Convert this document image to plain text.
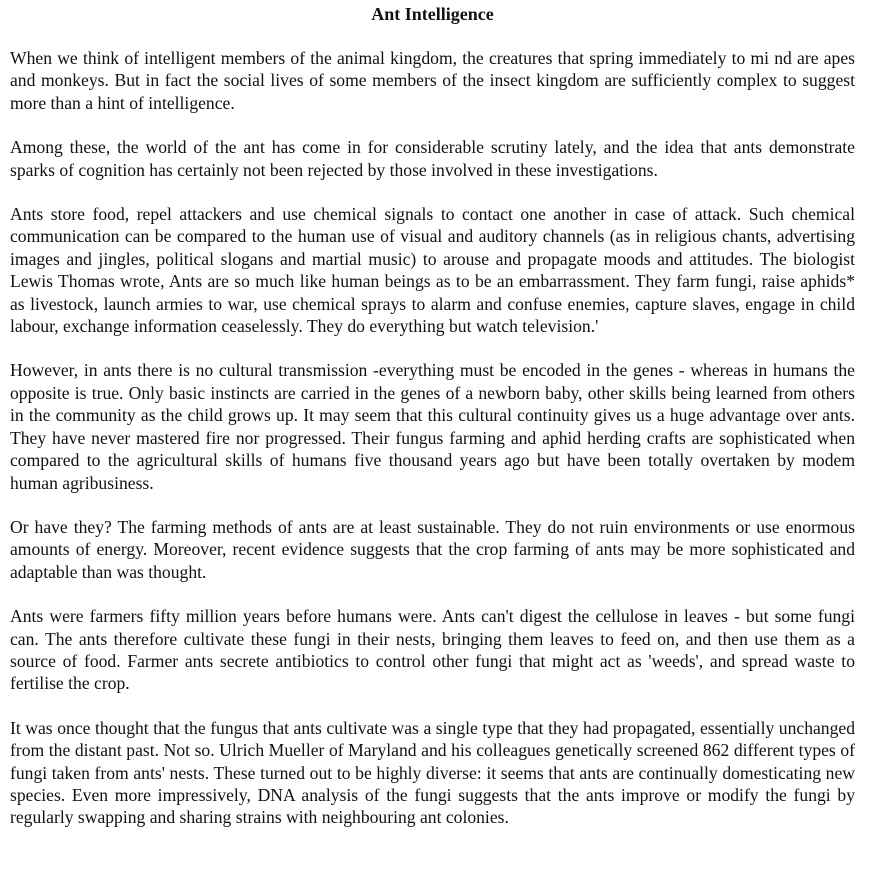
Ant Intelligence

When we think of intelligent members of the animal kingdom, the creatures that spring immediately to mi nd are apes and monkeys. But in fact the social lives of some members of the insect kingdom are sufficiently complex to suggest more than a hint of intelligence.

Among these, the world of the ant has come in for considerable scrutiny lately, and the idea that ants demonstrate sparks of cognition has certainly not been rejected by those involved in these investigations.

Ants store food, repel attackers and use chemical signals to contact one another in case of attack. Such chemical communication can be compared to the human use of visual and auditory channels (as in religious chants, advertising images and jingles, political slogans and martial music) to arouse and propagate moods and attitudes. The biologist Lewis Thomas wrote, Ants are so much like human beings as to be an embarrassment. They farm fungi, raise aphids* as livestock, launch armies to war, use chemical sprays to alarm and confuse enemies, capture slaves, engage in child labour, exchange information ceaselessly. They do everything but watch television.'

However, in ants there is no cultural transmission -everything must be encoded in the genes - whereas in humans the opposite is true. Only basic instincts are carried in the genes of a newborn baby, other skills being learned from others in the community as the child grows up. It may seem that this cultural continuity gives us a huge advantage over ants. They have never mastered fire nor progressed. Their fungus farming and aphid herding crafts are sophisticated when compared to the agricultural skills of humans five thousand years ago but have been totally overtaken by modem human agribusiness.

Or have they? The farming methods of ants are at least sustainable. They do not ruin environments or use enormous amounts of energy. Moreover, recent evidence suggests that the crop farming of ants may be more sophisticated and adaptable than was thought.

Ants were farmers fifty million years before humans were. Ants can't digest the cellulose in leaves - but some fungi can. The ants therefore cultivate these fungi in their nests, bringing them leaves to feed on, and then use them as a source of food. Farmer ants secrete antibiotics to control other fungi that might act as 'weeds', and spread waste to fertilise the crop.

It was once thought that the fungus that ants cultivate was a single type that they had propagated, essentially unchanged from the distant past. Not so. Ulrich Mueller of Maryland and his colleagues genetically screened 862 different types of fungi taken from ants' nests. These turned out to be highly diverse: it seems that ants are continually domesticating new species. Even more impressively, DNA analysis of the fungi suggests that the ants improve or modify the fungi by regularly swapping and sharing strains with neighbouring ant colonies.
